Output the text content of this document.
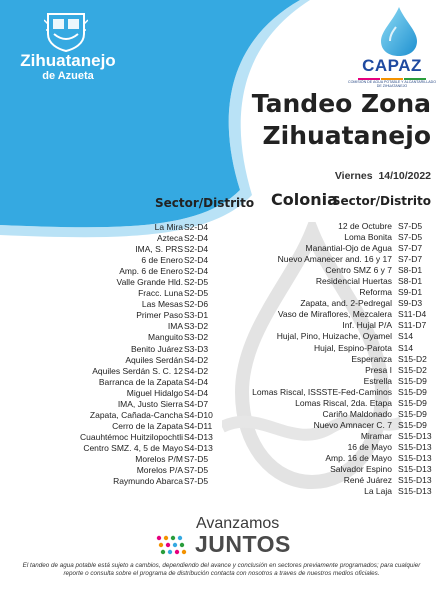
Zihuatanejo
de Azueta
CAPAZ
COMISIÓN DE AGUA POTABLE Y ALCANTARILLADO DE ZIHUATANEJO
Tandeo Zona
Zihuatanejo
Viernes  14/10/2022
Sector/Distrito Colonia
Sector/Distrito
La Mira S2-D4
Azteca S2-D4
IMA, S. PRS S2-D4
6 de Enero S2-D4
Amp. 6 de Enero S2-D4
Valle Grande Hld. S2-D5
Fracc. Luna S2-D5
Las Mesas S2-D6
Primer Paso S3-D1
IMA S3-D2
Manguito S3-D2
Benito Juárez S3-D3
Aquiles Serdán S4-D2
Aquiles Serdán S. C. 12 S4-D2
Barranca de la Zapata S4-D4
Miguel Hidalgo S4-D4
IMA, Justo Sierra S4-D7
Zapata, Cañada-Cancha S4-D10
Cerro de la Zapata S4-D11
Cuauhtémoc Huitzilopochtli S4-D13
Centro SMZ. 4, 5 de Mayo S4-D13
Morelos P/M S7-D5
Morelos P/A S7-D5
Raymundo Abarca S7-D5
12 de Octubre S7-D5
Loma Bonita S7-D5
Manantial-Ojo de Agua S7-D7
Nuevo Amanecer and. 16 y 17 S7-D7
Centro SMZ 6 y 7 S8-D1
Residencial Huertas S8-D1
Reforma S9-D1
Zapata, and. 2-Pedregal S9-D3
Vaso de Miraflores, Mezcalera S11-D4
Inf. Hujal P/A S11-D7
Hujal, Pino, Huizache, Oyamel S14
Hujal, Espino-Parota S14
Esperanza S15-D2
Presa I S15-D2
Estrella S15-D9
Lomas Riscal, ISSSTE-Fed-Caminos S15-D9
Lomas Riscal, 2da. Etapa S15-D9
Cariño Maldonado S15-D9
Nuevo Amnacer C. 7 S15-D9
Miramar S15-D13
16 de Mayo S15-D13
Amp. 16 de Mayo S15-D13
Salvador Espino S15-D13
René Juárez S15-D13
La Laja S15-D13
Avanzamos
JUNTOS
El tandeo de agua potable está sujeto a cambios, dependiendo del avance y conclusión en sectores previamente programados; para cualquier reporte o consulta sobre el programa de distribución contacta con nosotros a traves de nuestros medios oficiales.
